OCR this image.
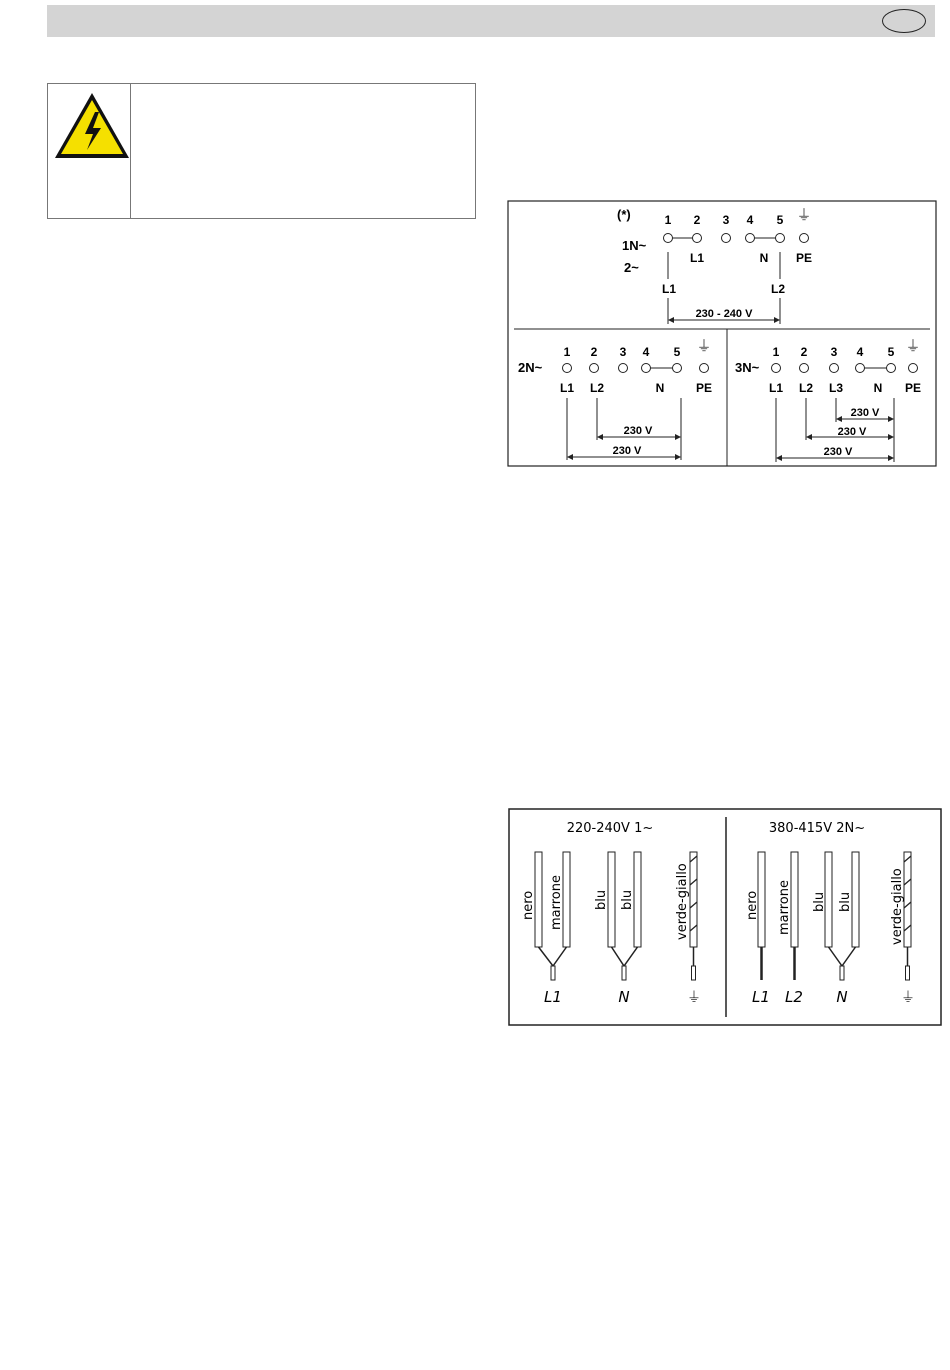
(*)	1 2 3 4 5 ⏚
1N~
2~
L1	N PE
L1	L2
230 - 240 V
1 2 3 4 5 ⏚
2N~
L1 L2	N	PE
230 V
230 V
1 2 3 4 5 ⏚
3N~
L1 L2 L3	N PE
230 V
230 V
230 V
220-240V 1~	380-415V 2N~
nero marrone blu blu	verde-giallo
L1	N	⏚
nero marrone blu blu	verde-giallo
L1 L2 N	⏚
